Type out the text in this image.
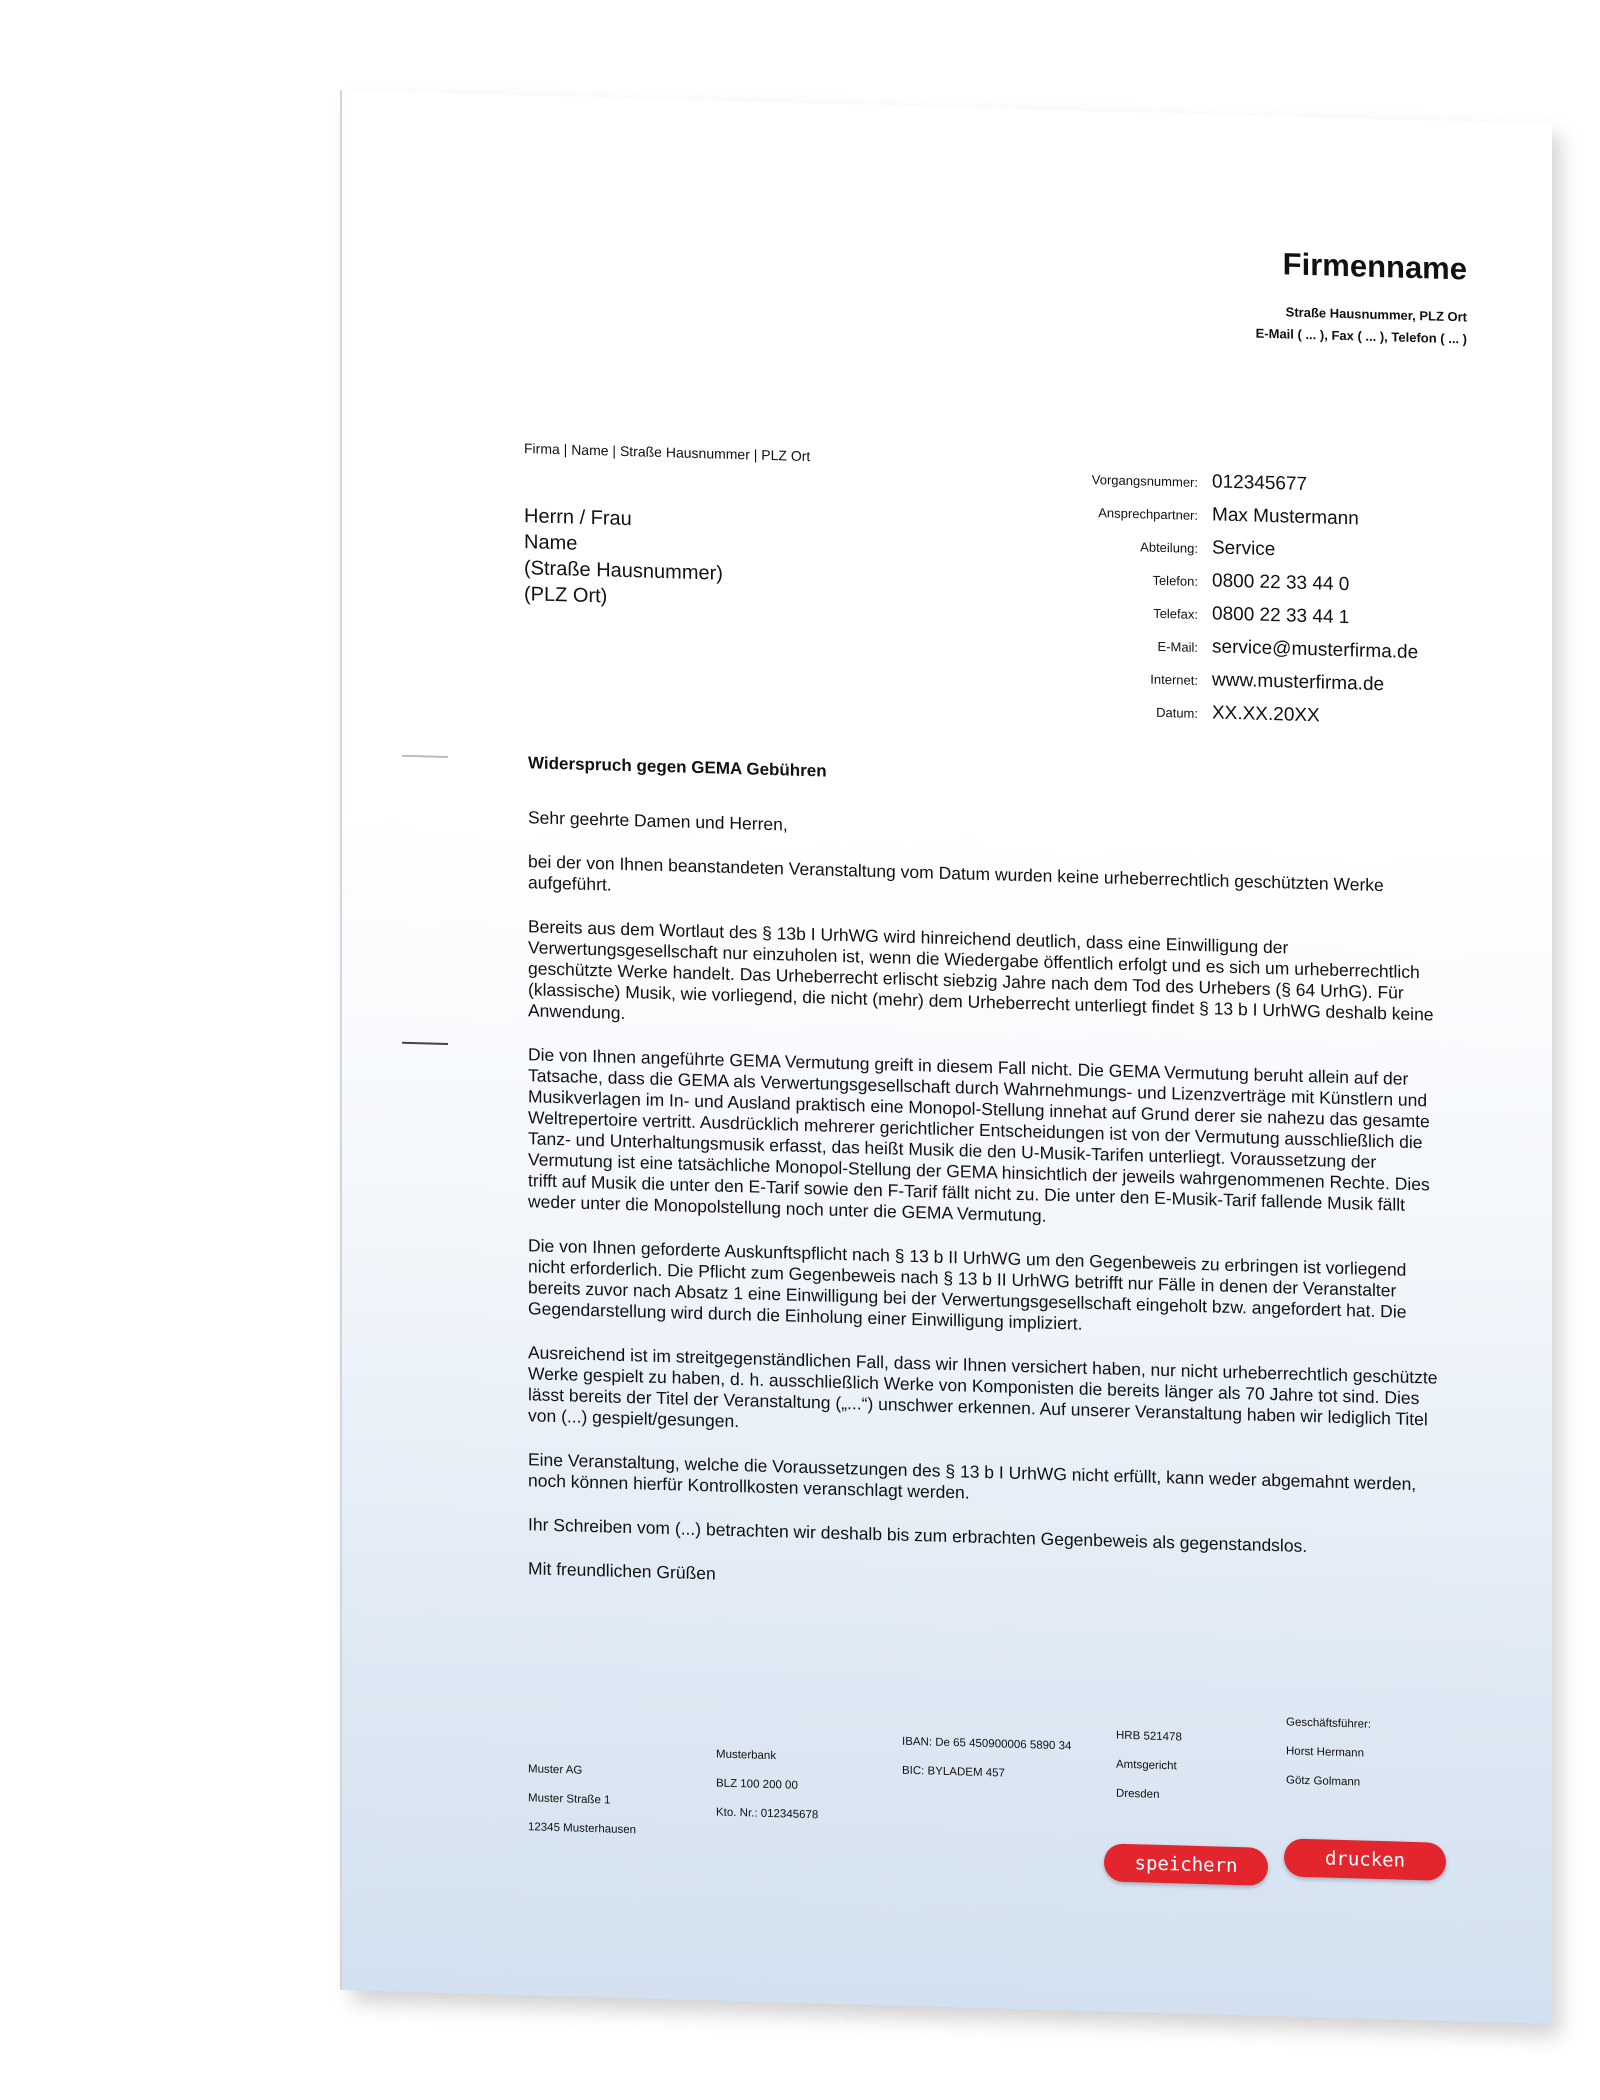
Firmenname
Straße Hausnummer, PLZ Ort
E-Mail ( ... ), Fax ( ... ), Telefon ( ... )
Firma | Name | Straße Hausnummer | PLZ Ort
Herrn / Frau
Name
(Straße Hausnummer)
(PLZ Ort)
Vorgangsnummer: 012345677
Ansprechpartner: Max Mustermann
Abteilung: Service
Telefon: 0800 22 33 44 0
Telefax: 0800 22 33 44 1
E-Mail: service@musterfirma.de
Internet: www.musterfirma.de
Datum: XX.XX.20XX
Widerspruch gegen GEMA Gebühren

Sehr geehrte Damen und Herren,

bei der von Ihnen beanstandeten Veranstaltung vom Datum wurden keine urheberrechtlich geschützten Werke aufgeführt.

Bereits aus dem Wortlaut des § 13b I UrhWG wird hinreichend deutlich, dass eine Einwilligung der Verwertungsgesellschaft nur einzuholen ist, wenn die Wiedergabe öffentlich erfolgt und es sich um urheberrechtlich geschützte Werke handelt. Das Urheberrecht erlischt siebzig Jahre nach dem Tod des Urhebers (§ 64 UrhG). Für (klassische) Musik, wie vorliegend, die nicht (mehr) dem Urheberrecht unterliegt findet § 13 b I UrhWG deshalb keine Anwendung.

Die von Ihnen angeführte GEMA Vermutung greift in diesem Fall nicht. Die GEMA Vermutung beruht allein auf der Tatsache, dass die GEMA als Verwertungsgesellschaft durch Wahrnehmungs- und Lizenzverträge mit Künstlern und Musikverlagen im In- und Ausland praktisch eine Monopol-Stellung innehat auf Grund derer sie nahezu das gesamte Weltrepertoire vertritt. Ausdrücklich mehrerer gerichtlicher Entscheidungen ist von der Vermutung ausschließlich die Tanz- und Unterhaltungsmusik erfasst, das heißt Musik die den U-Musik-Tarifen unterliegt. Voraussetzung der Vermutung ist eine tatsächliche Monopol-Stellung der GEMA hinsichtlich der jeweils wahrgenommenen Rechte. Dies trifft auf Musik die unter den E-Tarif sowie den F-Tarif fällt nicht zu. Die unter den E-Musik-Tarif fallende Musik fällt weder unter die Monopolstellung noch unter die GEMA Vermutung.

Die von Ihnen geforderte Auskunftspflicht nach § 13 b II UrhWG um den Gegenbeweis zu erbringen ist vorliegend nicht erforderlich. Die Pflicht zum Gegenbeweis nach § 13 b II UrhWG betrifft nur Fälle in denen der Veranstalter bereits zuvor nach Absatz 1 eine Einwilligung bei der Verwertungsgesellschaft eingeholt bzw. angefordert hat. Die Gegendarstellung wird durch die Einholung einer Einwilligung impliziert.

Ausreichend ist im streitgegenständlichen Fall, dass wir Ihnen versichert haben, nur nicht urheberrechtlich geschützte Werke gespielt zu haben, d. h. ausschließlich Werke von Komponisten die bereits länger als 70 Jahre tot sind. Dies lässt bereits der Titel der Veranstaltung („...“) unschwer erkennen. Auf unserer Veranstaltung haben wir lediglich Titel von (...) gespielt/gesungen.

Eine Veranstaltung, welche die Voraussetzungen des § 13 b I UrhWG nicht erfüllt, kann weder abgemahnt werden, noch können hierfür Kontrollkosten veranschlagt werden.

Ihr Schreiben vom (...) betrachten wir deshalb bis zum erbrachten Gegenbeweis als gegenstandslos.

Mit freundlichen Grüßen

Muster AG
Muster Straße 1
12345 Musterhausen
Musterbank
BLZ 100 200 00
Kto. Nr.: 012345678
IBAN: De 65 450900006 5890 34
BIC: BYLADEM 457
HRB 521478
Amtsgericht
Dresden
Geschäftsführer:
Horst Hermann
Götz Golmann
speichern	drucken
